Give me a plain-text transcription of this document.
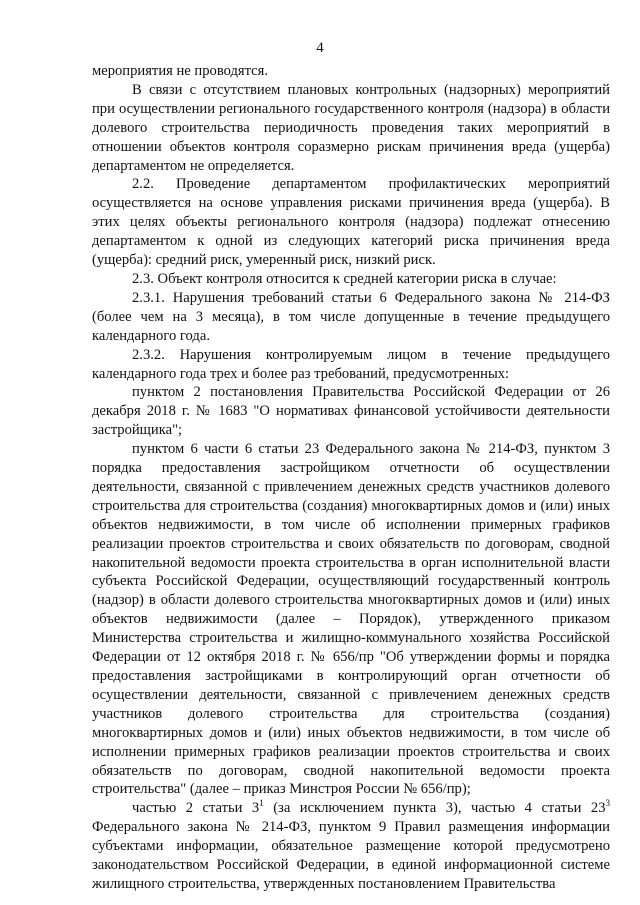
4

мероприятия не проводятся.

В связи с отсутствием плановых контрольных (надзорных) мероприятий при осуществлении регионального государственного контроля (надзора) в области долевого строительства периодичность проведения таких мероприятий в отношении объектов контроля соразмерно рискам причинения вреда (ущерба) департаментом не определяется.

2.2. Проведение департаментом профилактических мероприятий осуществляется на основе управления рисками причинения вреда (ущерба). В этих целях объекты регионального контроля (надзора) подлежат отнесению департаментом к одной из следующих категорий риска причинения вреда (ущерба): средний риск, умеренный риск, низкий риск.

2.3. Объект контроля относится к средней категории риска в случае:

2.3.1. Нарушения требований статьи 6 Федерального закона № 214-ФЗ (более чем на 3 месяца), в том числе допущенные в течение предыдущего календарного года.

2.3.2. Нарушения контролируемым лицом в течение предыдущего календарного года трех и более раз требований, предусмотренных:

пунктом 2 постановления Правительства Российской Федерации от 26 декабря 2018 г. № 1683 "О нормативах финансовой устойчивости деятельности застройщика";

пунктом 6 части 6 статьи 23 Федерального закона № 214-ФЗ, пунктом 3 порядка предоставления застройщиком отчетности об осуществлении деятельности, связанной с привлечением денежных средств участников долевого строительства для строительства (создания) многоквартирных домов и (или) иных объектов недвижимости, в том числе об исполнении примерных графиков реализации проектов строительства и своих обязательств по договорам, сводной накопительной ведомости проекта строительства в орган исполнительной власти субъекта Российской Федерации, осуществляющий государственный контроль (надзор) в области долевого строительства многоквартирных домов и (или) иных объектов недвижимости (далее – Порядок), утвержденного приказом Министерства строительства и жилищно-коммунального хозяйства Российской Федерации от 12 октября 2018 г. № 656/пр "Об утверждении формы и порядка предоставления застройщиками в контролирующий орган отчетности об осуществлении деятельности, связанной с привлечением денежных средств участников долевого строительства для строительства (создания) многоквартирных домов и (или) иных объектов недвижимости, в том числе об исполнении примерных графиков реализации проектов строительства и своих обязательств по договорам, сводной накопительной ведомости проекта строительства" (далее – приказ Минстроя России № 656/пр);

частью 2 статьи $3^1$ (за исключением пункта 3), частью 4 статьи $23^3$ Федерального закона № 214-ФЗ, пунктом 9 Правил размещения информации субъектами информации, обязательное размещение которой предусмотрено законодательством Российской Федерации, в единой информационной системе жилищного строительства, утвержденных постановлением Правительства
